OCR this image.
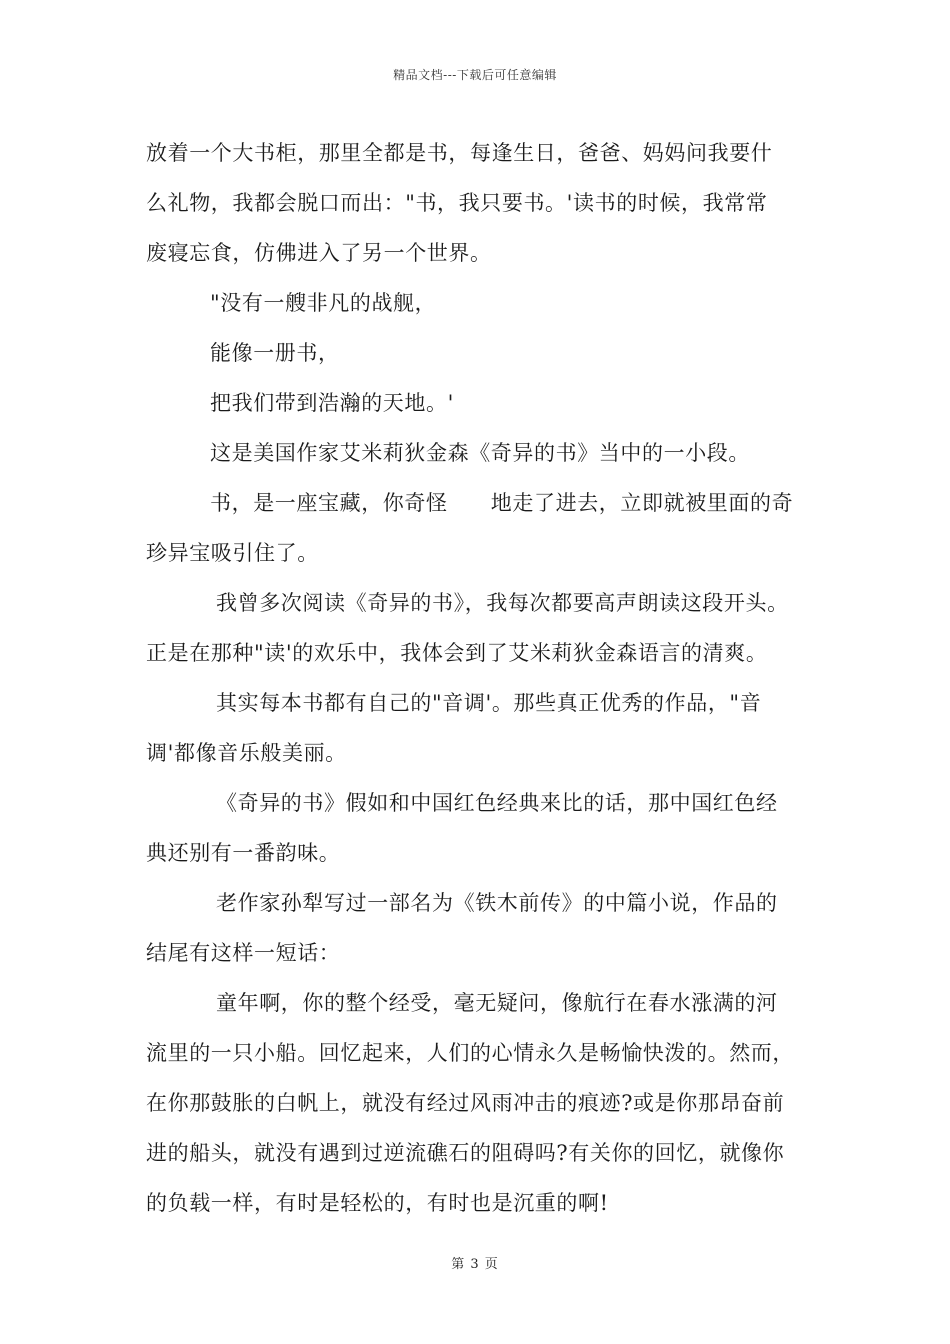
精品文档---下载后可任意编辑
放着一个大书柜，那里全都是书，每逢生日，爸爸、妈妈问我要什
么礼物，我都会脱口而出："书，我只要书。'读书的时候，我常常
废寝忘食，仿佛进入了另一个世界。
"没有一艘非凡的战舰，
能像一册书，
把我们带到浩瀚的天地。'
这是美国作家艾米莉狄金森《奇异的书》当中的一小段。
书，是一座宝藏，你奇怪　　地走了进去，立即就被里面的奇
珍异宝吸引住了。
我曾多次阅读《奇异的书》，我每次都要高声朗读这段开头。
正是在那种"读'的欢乐中，我体会到了艾米莉狄金森语言的清爽。
其实每本书都有自己的"音调'。那些真正优秀的作品，"音
调'都像音乐般美丽。
《奇异的书》假如和中国红色经典来比的话，那中国红色经
典还别有一番韵味。
老作家孙犁写过一部名为《铁木前传》的中篇小说，作品的
结尾有这样一短话：
童年啊，你的整个经受，毫无疑问，像航行在春水涨满的河
流里的一只小船。回忆起来，人们的心情永久是畅愉快泼的。然而，
在你那鼓胀的白帆上，就没有经过风雨冲击的痕迹?或是你那昂奋前
进的船头，就没有遇到过逆流礁石的阻碍吗?有关你的回忆，就像你
的负载一样，有时是轻松的，有时也是沉重的啊!
第 3 页
